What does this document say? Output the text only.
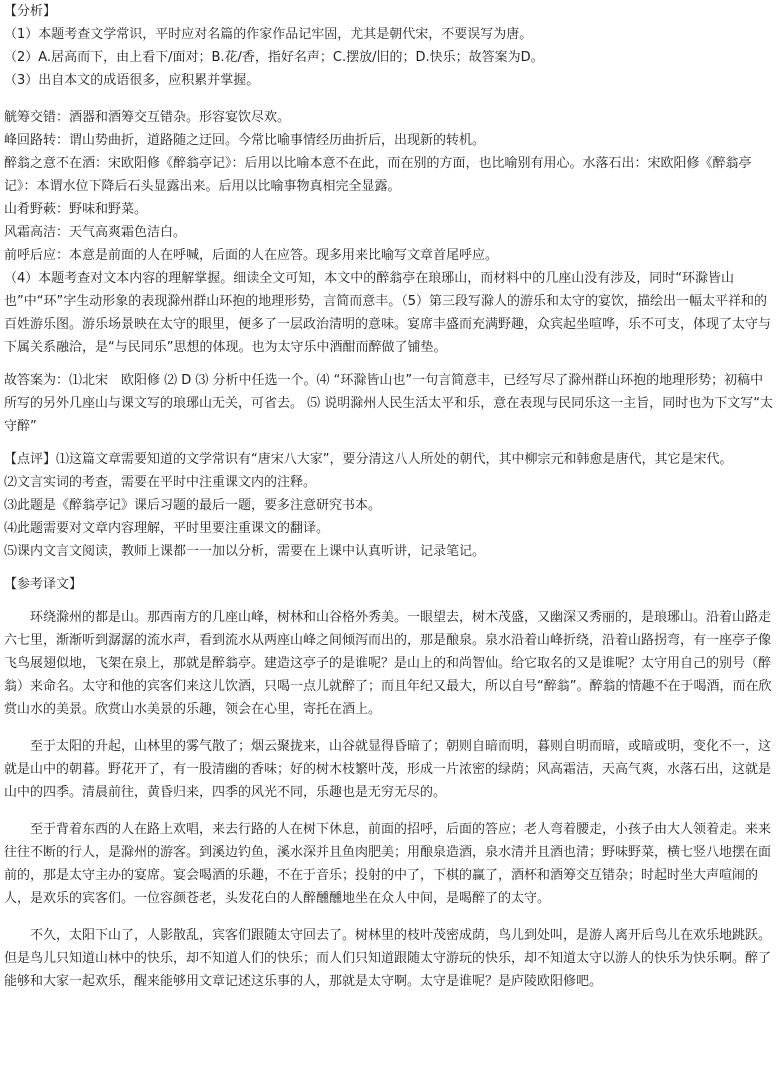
【分析】

（1）本题考查文学常识，平时应对名篇的作家作品记牢固，尤其是朝代宋，不要误写为唐。

（2）A.居高而下，由上看下/面对；B.花/香，指好名声；C.摆放/旧的；D.快乐；故答案为D。

（3）出自本文的成语很多，应积累并掌握。

觥筹交错：酒器和酒筹交互错杂。形容宴饮尽欢。

峰回路转：谓山势曲折，道路随之迂回。今常比喻事情经历曲折后，出现新的转机。

醉翁之意不在酒：宋欧阳修《醉翁亭记》：后用以比喻本意不在此，而在别的方面，也比喻别有用心。水落石出：宋欧阳修《醉翁亭记》：本谓水位下降后石头显露出来。后用以比喻事物真相完全显露。

山肴野蔌：野味和野菜。

风霜高洁：天气高爽霜色洁白。

前呼后应：本意是前面的人在呼喊，后面的人在应答。现多用来比喻写文章首尾呼应。

（4）本题考查对文本内容的理解掌握。细读全文可知，本文中的醉翁亭在琅琊山，而材料中的几座山没有涉及，同时“环滁皆山也”中“环”字生动形象的表现滁州群山环抱的地理形势，言简而意丰。（5）第三段写滁人的游乐和太守的宴饮，描绘出一幅太平祥和的百姓游乐图。游乐场景映在太守的眼里，便多了一层政治清明的意味。宴席丰盛而充满野趣，众宾起坐喧哗，乐不可支，体现了太守与下属关系融洽，是“与民同乐”思想的体现。也为太守乐中酒酣而醉做了铺垫。

故答案为：⑴北宋　欧阳修 ⑵ D ⑶ 分析中任选一个。⑷ “环滁皆山也”一句言简意丰，已经写尽了滁州群山环抱的地理形势；初稿中所写的另外几座山与课文写的琅琊山无关，可省去。 ⑸ 说明滁州人民生活太平和乐，意在表现与民同乐这一主旨，同时也为下文写“太守醉”

【点评】⑴这篇文章需要知道的文学常识有“唐宋八大家”，要分清这八人所处的朝代，其中柳宗元和韩愈是唐代，其它是宋代。

⑵文言实词的考查，需要在平时中注重课文内的注释。

⑶此题是《醉翁亭记》课后习题的最后一题，要多注意研究书本。

⑷此题需要对文章内容理解，平时里要注重课文的翻译。

⑸课内文言文阅读，教师上课都一一加以分析，需要在上课中认真听讲，记录笔记。

【参考译文】

环绕滁州的都是山。那西南方的几座山峰，树林和山谷格外秀美。一眼望去，树木茂盛，又幽深又秀丽的，是琅琊山。沿着山路走六七里，渐渐听到潺潺的流水声，看到流水从两座山峰之间倾泻而出的，那是酿泉。泉水沿着山峰折绕，沿着山路拐弯，有一座亭子像飞鸟展翅似地，飞架在泉上，那就是醉翁亭。建造这亭子的是谁呢？是山上的和尚智仙。给它取名的又是谁呢？太守用自己的别号（醉翁）来命名。太守和他的宾客们来这儿饮酒，只喝一点儿就醉了；而且年纪又最大，所以自号“醉翁”。醉翁的情趣不在于喝酒，而在欣赏山水的美景。欣赏山水美景的乐趣，领会在心里，寄托在酒上。

至于太阳的升起，山林里的雾气散了；烟云聚拢来，山谷就显得昏暗了；朝则自暗而明，暮则自明而暗，或暗或明，变化不一，这就是山中的朝暮。野花开了，有一股清幽的香味；好的树木枝繁叶茂，形成一片浓密的绿荫；风高霜洁，天高气爽，水落石出，这就是山中的四季。清晨前往，黄昏归来，四季的风光不同，乐趣也是无穷无尽的。

至于背着东西的人在路上欢唱，来去行路的人在树下休息，前面的招呼，后面的答应；老人弯着腰走，小孩子由大人领着走。来来往往不断的行人，是滁州的游客。到溪边钓鱼，溪水深并且鱼肉肥美；用酿泉造酒，泉水清并且酒也清；野味野菜，横七竖八地摆在面前的，那是太守主办的宴席。宴会喝酒的乐趣，不在于音乐；投射的中了，下棋的赢了，酒杯和酒筹交互错杂；时起时坐大声喧闹的人，是欢乐的宾客们。一位容颜苍老，头发花白的人醉醺醺地坐在众人中间，是喝醉了的太守。

不久，太阳下山了，人影散乱，宾客们跟随太守回去了。树林里的枝叶茂密成荫，鸟儿到处叫，是游人离开后鸟儿在欢乐地跳跃。但是鸟儿只知道山林中的快乐，却不知道人们的快乐；而人们只知道跟随太守游玩的快乐，却不知道太守以游人的快乐为快乐啊。醉了能够和大家一起欢乐，醒来能够用文章记述这乐事的人，那就是太守啊。太守是谁呢？是庐陵欧阳修吧。
